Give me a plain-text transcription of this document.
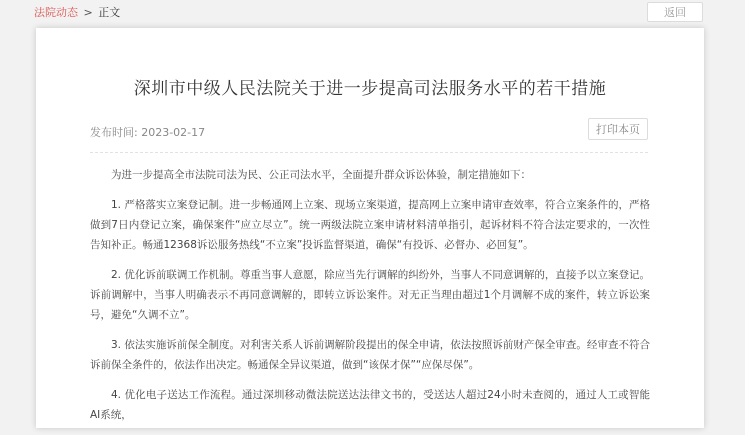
法院动态 > 正文	返回
深圳市中级人民法院关于进一步提高司法服务水平的若干措施
发布时间: 2023-02-17	打印本页

为进一步提高全市法院司法为民、公正司法水平，全面提升群众诉讼体验，制定措施如下：

1. 严格落实立案登记制。进一步畅通网上立案、现场立案渠道，提高网上立案申请审查效率，符合立案条件的，严格做到7日内登记立案，确保案件“应立尽立”。统一两级法院立案申请材料清单指引，起诉材料不符合法定要求的，一次性告知补正。畅通12368诉讼服务热线“不立案”投诉监督渠道，确保“有投诉、必督办、必回复”。

2. 优化诉前联调工作机制。尊重当事人意愿，除应当先行调解的纠纷外，当事人不同意调解的，直接予以立案登记。诉前调解中，当事人明确表示不再同意调解的，即转立诉讼案件。对无正当理由超过1个月调解不成的案件，转立诉讼案号，避免“久调不立”。

3. 依法实施诉前保全制度。对利害关系人诉前调解阶段提出的保全申请，依法按照诉前财产保全审查。经审查不符合诉前保全条件的，依法作出决定。畅通保全异议渠道，做到“该保才保”“应保尽保”。

4. 优化电子送达工作流程。通过深圳移动微法院送达法律文书的，受送达人超过24小时未查阅的，通过人工或智能AI系统，
